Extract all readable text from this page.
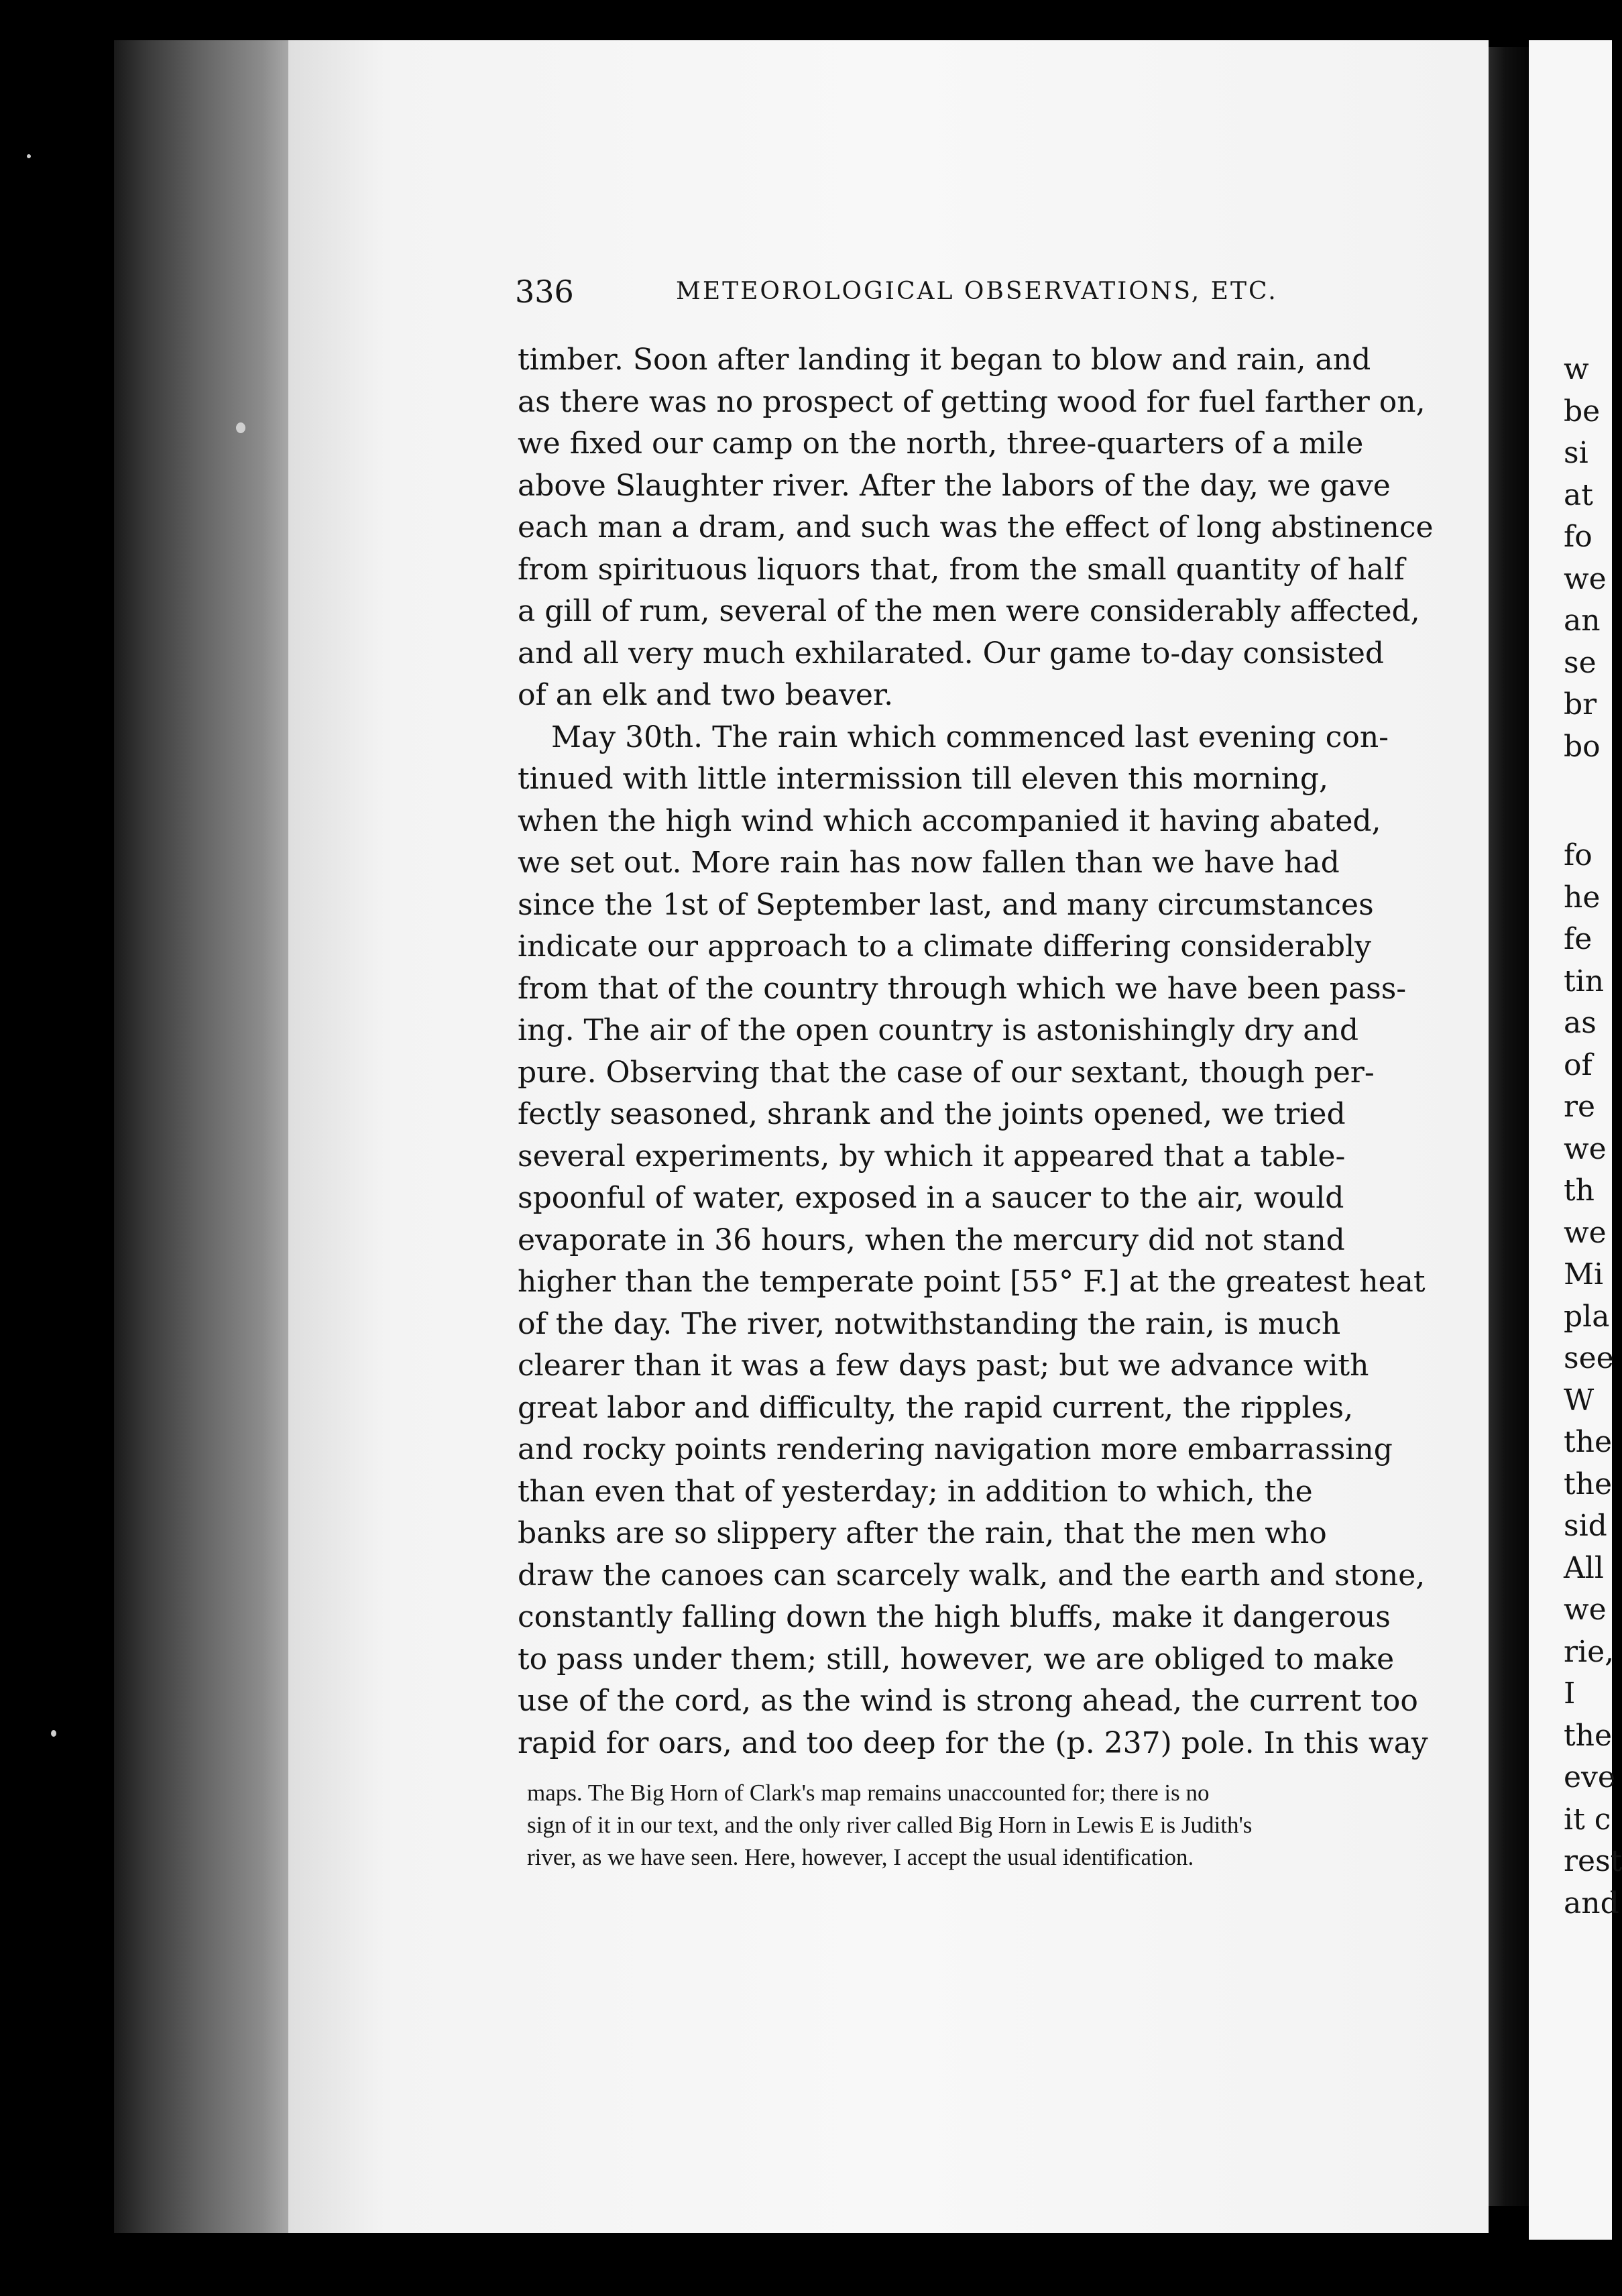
w
be
si
at
fo
we
an
se
br
bo
fo
he
fe
tin
as
of
re
we
th
we
Mi
pla
see
W
the
the
sid
All
we
rie,
I
the
eve
it c
rest
and
336	METEOROLOGICAL OBSERVATIONS, ETC.
timber. Soon after landing it began to blow and rain, and
as there was no prospect of getting wood for fuel farther on,
we fixed our camp on the north, three-quarters of a mile
above Slaughter river. After the labors of the day, we gave
each man a dram, and such was the effect of long abstinence
from spirituous liquors that, from the small quantity of half
a gill of rum, several of the men were considerably affected,
and all very much exhilarated. Our game to-day consisted
of an elk and two beaver.
May 30th. The rain which commenced last evening con-
tinued with little intermission till eleven this morning,
when the high wind which accompanied it having abated,
we set out. More rain has now fallen than we have had
since the 1st of September last, and many circumstances
indicate our approach to a climate differing considerably
from that of the country through which we have been pass-
ing. The air of the open country is astonishingly dry and
pure. Observing that the case of our sextant, though per-
fectly seasoned, shrank and the joints opened, we tried
several experiments, by which it appeared that a table-
spoonful of water, exposed in a saucer to the air, would
evaporate in 36 hours, when the mercury did not stand
higher than the temperate point [55° F.] at the greatest heat
of the day. The river, notwithstanding the rain, is much
clearer than it was a few days past; but we advance with
great labor and difficulty, the rapid current, the ripples,
and rocky points rendering navigation more embarrassing
than even that of yesterday; in addition to which, the
banks are so slippery after the rain, that the men who
draw the canoes can scarcely walk, and the earth and stone,
constantly falling down the high bluffs, make it dangerous
to pass under them; still, however, we are obliged to make
use of the cord, as the wind is strong ahead, the current too
rapid for oars, and too deep for the (p. 237) pole. In this way
maps. The Big Horn of Clark's map remains unaccounted for; there is no
sign of it in our text, and the only river called Big Horn in Lewis E is Judith's
river, as we have seen. Here, however, I accept the usual identification.
